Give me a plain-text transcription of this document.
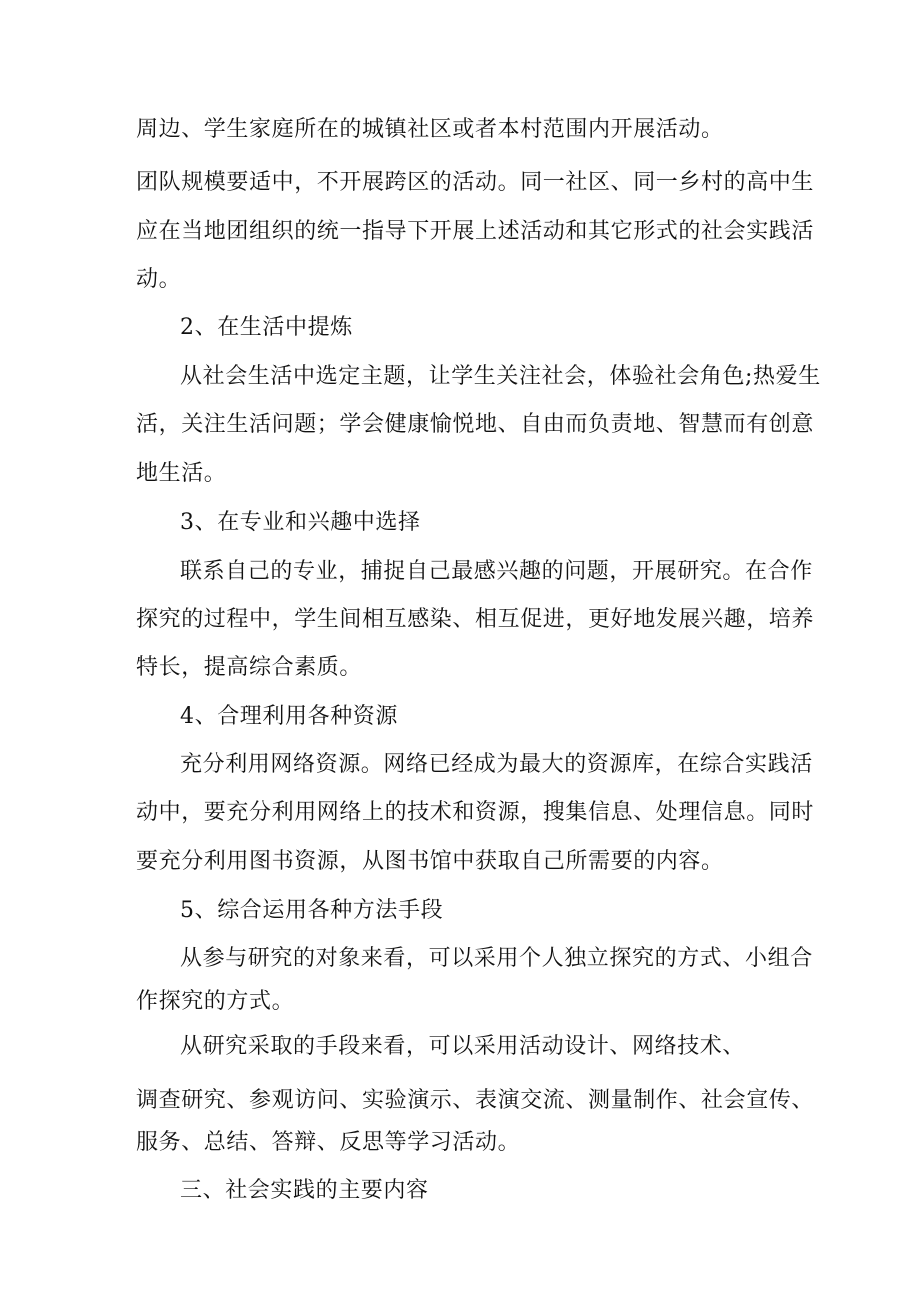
周边、学生家庭所在的城镇社区或者本村范围内开展活动。
团队规模要适中，不开展跨区的活动。同一社区、同一乡村的高中生
应在当地团组织的统一指导下开展上述活动和其它形式的社会实践活
动。
2、在生活中提炼
从社会生活中选定主题，让学生关注社会，体验社会角色;热爱生
活，关注生活问题；学会健康愉悦地、自由而负责地、智慧而有创意
地生活。
3、在专业和兴趣中选择
联系自己的专业，捕捉自己最感兴趣的问题，开展研究。在合作
探究的过程中，学生间相互感染、相互促进，更好地发展兴趣，培养
特长，提高综合素质。
4、合理利用各种资源
充分利用网络资源。网络已经成为最大的资源库，在综合实践活
动中，要充分利用网络上的技术和资源，搜集信息、处理信息。同时
要充分利用图书资源，从图书馆中获取自己所需要的内容。
5、综合运用各种方法手段
从参与研究的对象来看，可以采用个人独立探究的方式、小组合
作探究的方式。
从研究采取的手段来看，可以采用活动设计、网络技术、
调查研究、参观访问、实验演示、表演交流、测量制作、社会宣传、
服务、总结、答辩、反思等学习活动。
三、社会实践的主要内容
